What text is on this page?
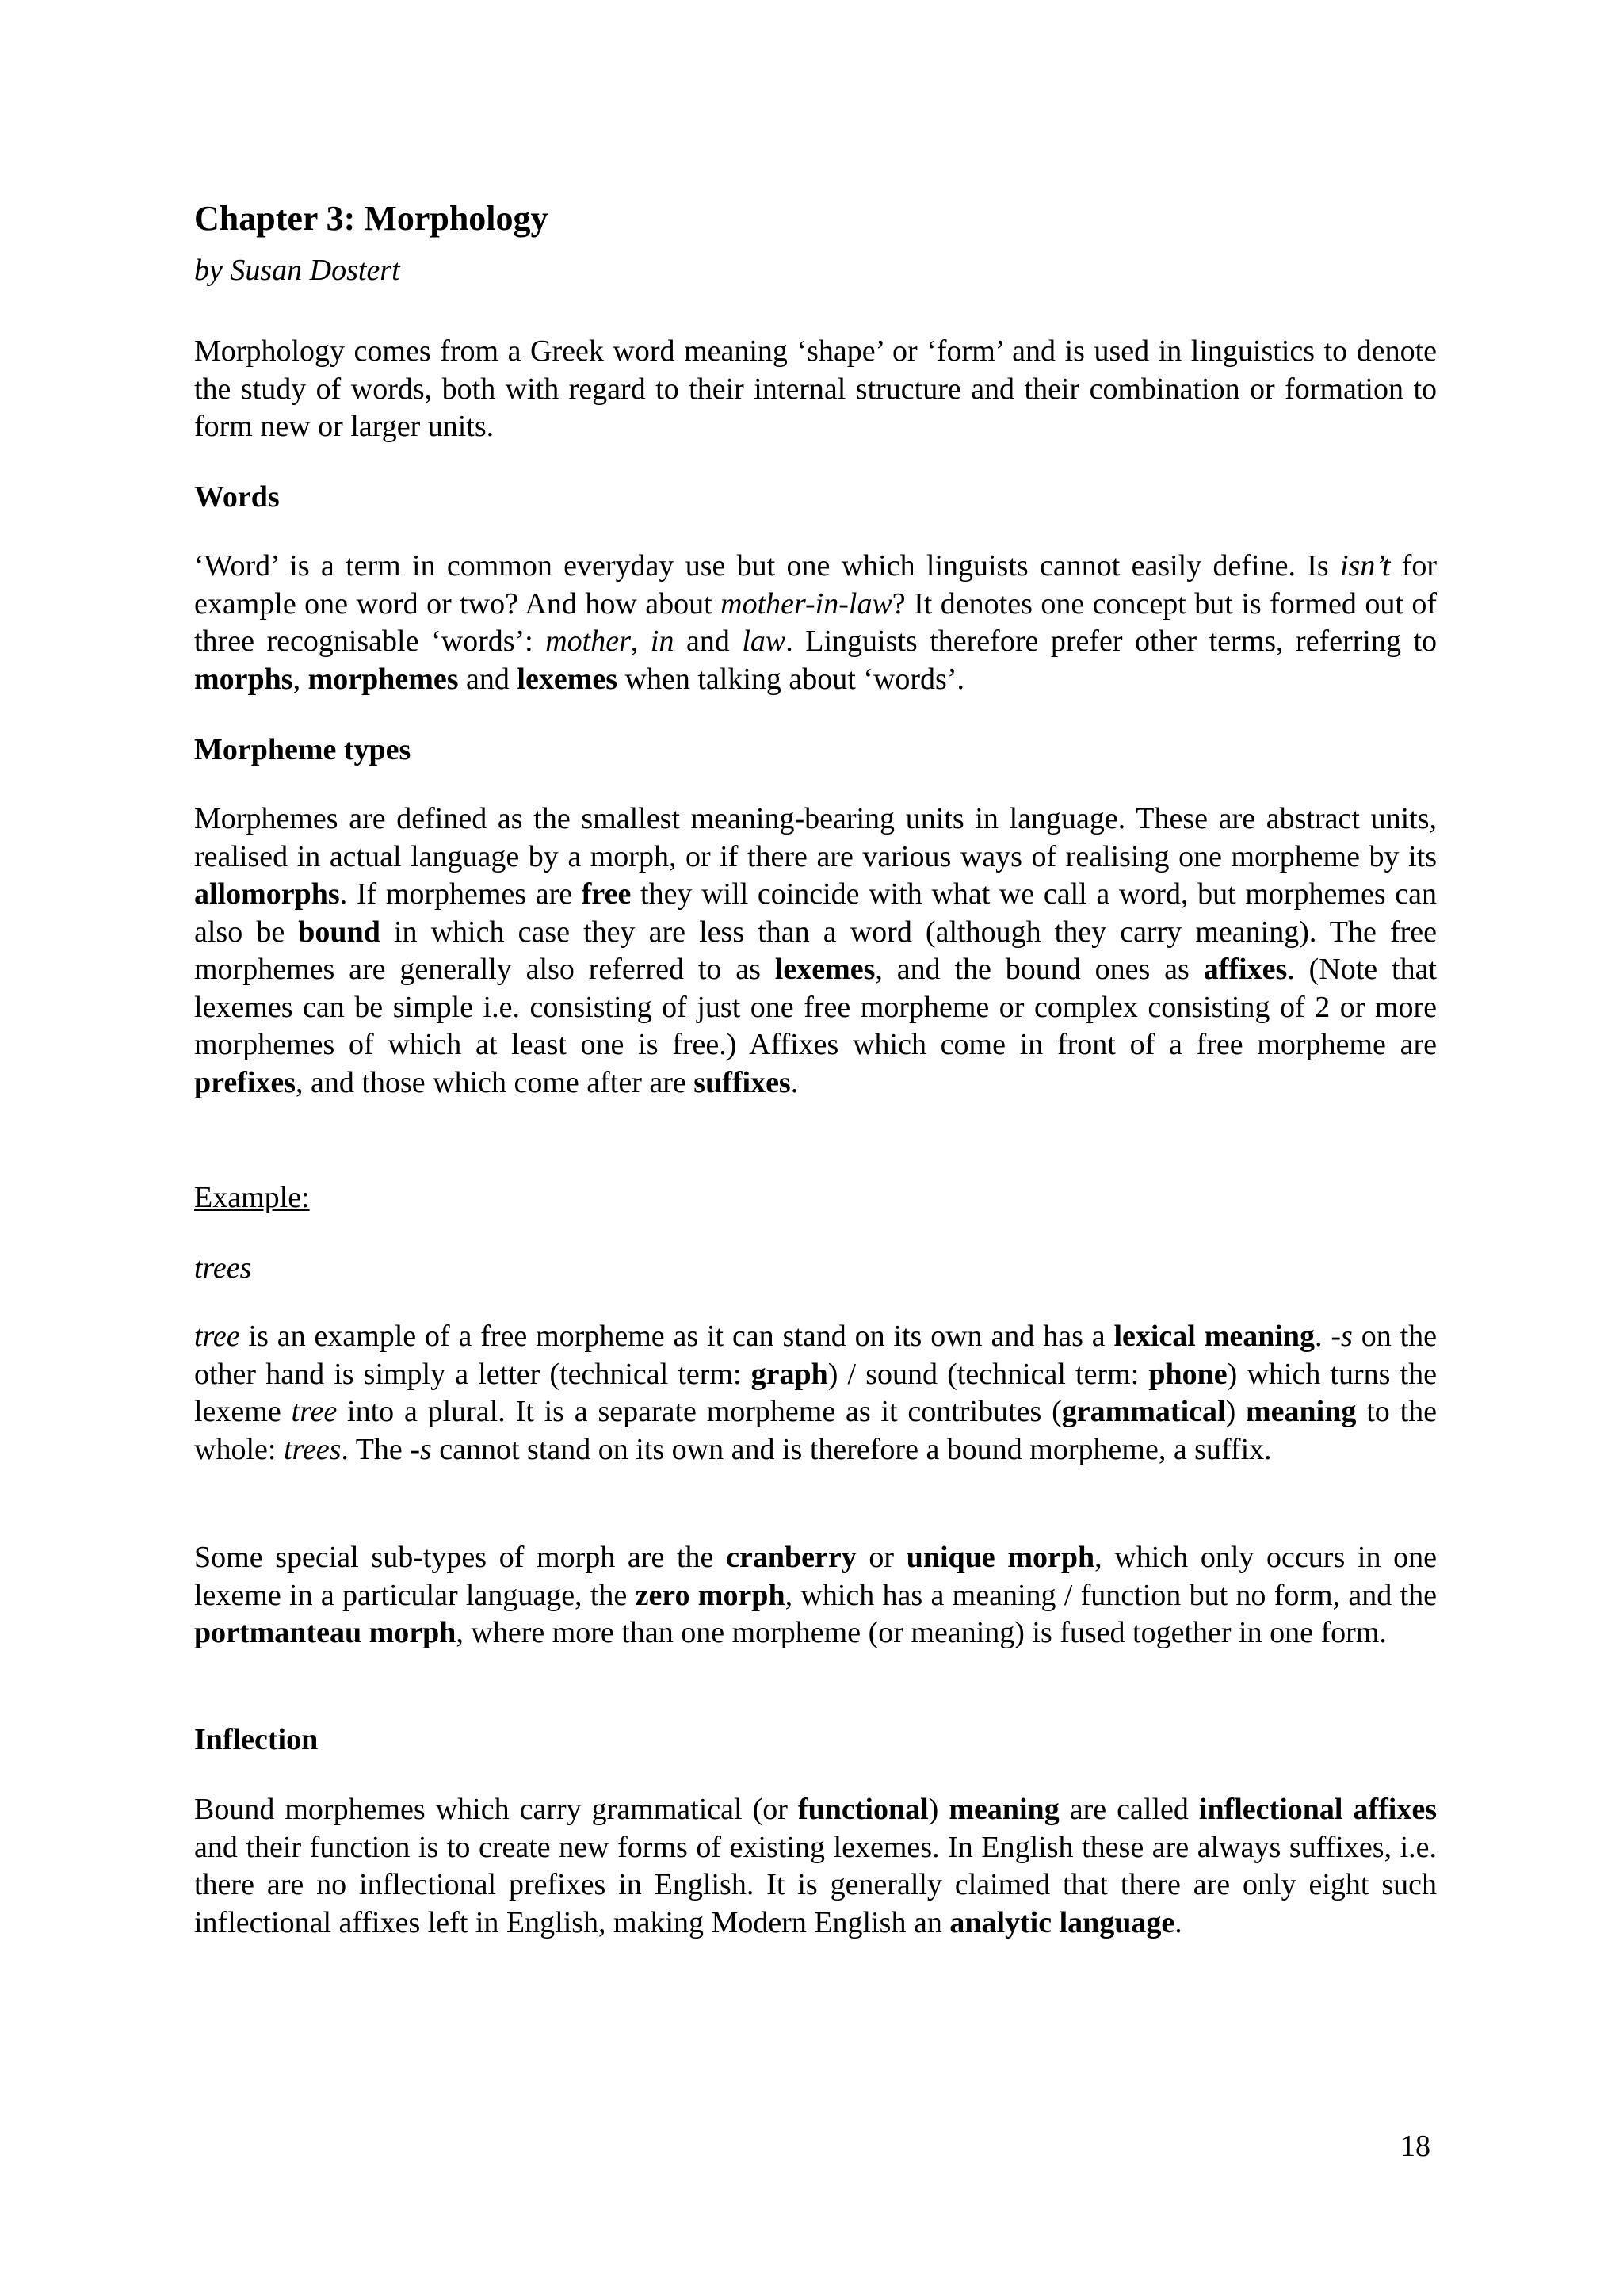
Chapter 3: Morphology

by Susan Dostert

Morphology comes from a Greek word meaning ‘shape’ or ‘form’ and is used in linguistics to denote the study of words, both with regard to their internal structure and their combination or formation to form new or larger units.

Words

‘Word’ is a term in common everyday use but one which linguists cannot easily define. Is isn’t for example one word or two? And how about mother-in-law? It denotes one concept but is formed out of three recognisable ‘words’: mother, in and law. Linguists therefore prefer other terms, referring to morphs, morphemes and lexemes when talking about ‘words’.

Morpheme types

Morphemes are defined as the smallest meaning-bearing units in language. These are abstract units, realised in actual language by a morph, or if there are various ways of realising one morpheme by its allomorphs. If morphemes are free they will coincide with what we call a word, but morphemes can also be bound in which case they are less than a word (although they carry meaning). The free morphemes are generally also referred to as lexemes, and the bound ones as affixes. (Note that lexemes can be simple i.e. consisting of just one free morpheme or complex consisting of 2 or more morphemes of which at least one is free.) Affixes which come in front of a free morpheme are prefixes, and those which come after are suffixes.

Example:

trees

tree is an example of a free morpheme as it can stand on its own and has a lexical meaning. -s on the other hand is simply a letter (technical term: graph) / sound (technical term: phone) which turns the lexeme tree into a plural. It is a separate morpheme as it contributes (grammatical) meaning to the whole: trees. The -s cannot stand on its own and is therefore a bound morpheme, a suffix.

Some special sub-types of morph are the cranberry or unique morph, which only occurs in one lexeme in a particular language, the zero morph, which has a meaning / function but no form, and the portmanteau morph, where more than one morpheme (or meaning) is fused together in one form.

Inflection

Bound morphemes which carry grammatical (or functional) meaning are called inflectional affixes and their function is to create new forms of existing lexemes. In English these are always suffixes, i.e. there are no inflectional prefixes in English. It is generally claimed that there are only eight such inflectional affixes left in English, making Modern English an analytic language.

18
